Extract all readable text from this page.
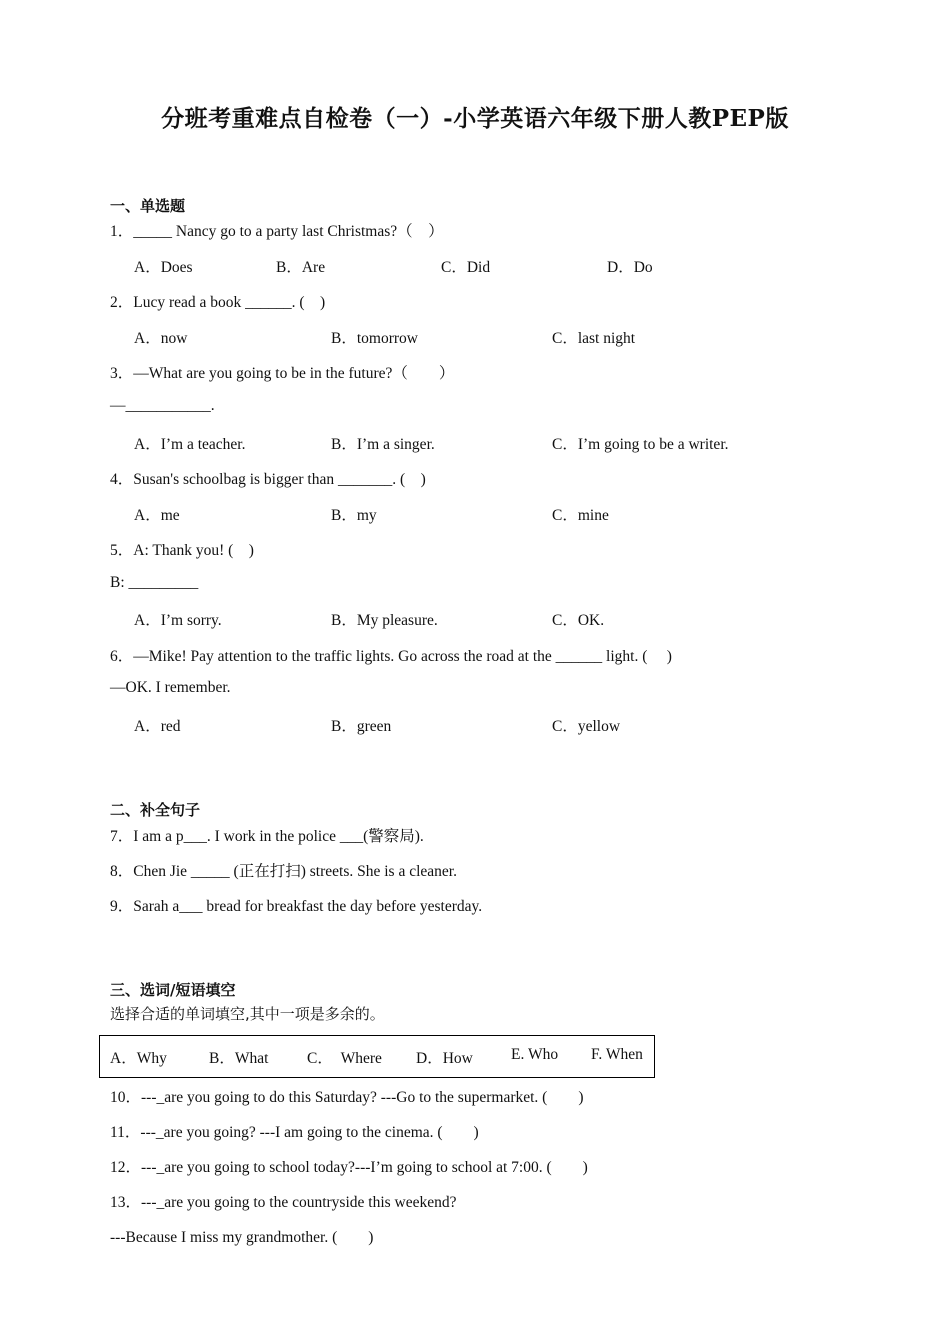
分班考重难点自检卷（一）-小学英语六年级下册人教PEP版
一、单选题
1．_____ Nancy go to a party last Christmas?（　）
A．Does	B．Are	C．Did	D．Do
2．Lucy read a book ______. (　)
A．now	B．tomorrow	C．last night
3．—What are you going to be in the future?（　　）
—___________.
A．I’m a teacher.	B．I’m a singer.	C．I’m going to be a writer.
4．Susan's schoolbag is bigger than _______. (　)
A．me	B．my	C．mine
5．A: Thank you! (　)
B: _________
A．I’m sorry.	B．My pleasure.	C．OK.
6．—Mike! Pay attention to the traffic lights. Go across the road at the ______ light. (　 )
—OK. I remember.
A．red	B．green	C．yellow
二、补全句子
7．I am a p___. I work in the police ___(警察局).
8．Chen Jie _____ (正在打扫) streets. She is a cleaner.
9．Sarah a___ bread for breakfast the day before yesterday.
三、选词/短语填空
选择合适的单词填空,其中一项是多余的。
A．Why	B．What C．　Where D．How E. Who F. When
10．---_are you going to do this Saturday? ---Go to the supermarket. (　　)
11．---_are you going? ---I am going to the cinema. (　　)
12．---_are you going to school today?---I’m going to school at 7:00. (　　)
13．---_are you going to the countryside this weekend?
---Because I miss my grandmother. (　　)
